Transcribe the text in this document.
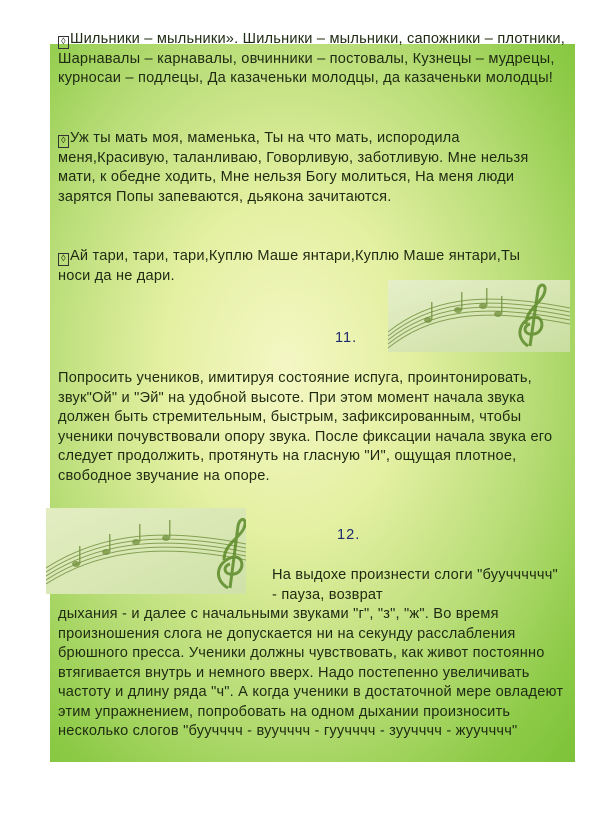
◊ Шильники – мыльники». Шильники – мыльники, сапожники – плотники, Шарнавалы – карнавалы, овчинники – постовалы, Кузнецы – мудрецы, курносаи – подлецы, Да казаченьки молодцы, да казаченьки молодцы!

◊ Уж ты мать моя, маменька, Ты на что мать, испородила меня,Красивую, таланливаю, Говорливую, заботливую. Мне нельзя мати, к обедне ходить, Мне нельзя Богу молиться, На меня люди зарятся Попы запеваются, дьякона зачитаются.

◊ Ай тари, тари, тари,Куплю Маше янтари,Куплю Маше янтари,Ты носи да не дари.

11.

Попросить учеников, имитируя состояние испуга, проинтонировать, звук"Ой" и "Эй" на удобной высоте. При этом момент начала звука должен быть стремительным, быстрым, зафиксированным, чтобы ученики почувствовали опору звука. После фиксации начала звука его следует продолжить, протянуть на гласную "И", ощущая плотное, свободное звучание на опоре.

12.

На выдохе произнести слоги "буучччччч" - пауза, возврат

дыхания - и далее с начальными звуками "г", "з", "ж". Во время произношения слога не допускается ни на секунду расслабления брюшного пресса. Ученики должны чувствовать, как живот постоянно втягивается внутрь и немного вверх. Надо постепенно увеличивать частоту и длину ряда "ч". А когда ученики в достаточной мере овладеют этим упражнением, попробовать на одном дыхании произносить несколько слогов "буучччч - вуучччч - гуучччч - зуучччч - жуучччч"
